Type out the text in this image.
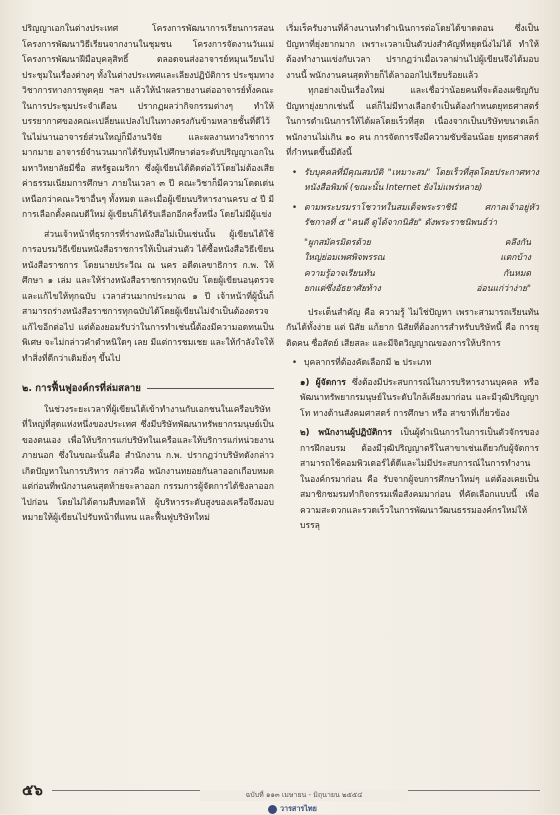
ปริญญาเอกในต่างประเทศ โครงการพัฒนาการเรียนการสอน โครงการพัฒนาวิธีเรียนจากงานในชุมชน โครงการจัดงานวันแม่ โครงการพัฒนาฝีมือบุคลุสิทธิ์ ตลอดจนส่งอาจารย์หมุนเวียนไปประชุมในเรื่องต่างๆ ทั้งในต่างประเทศและเลียงปฏิบัติการ ประชุมทางวิชาการทางการพูดคุย ฯลฯ แล้วให้นำผลรายงานต่ออาจารย์ทั้งคณะ ในการประชุมประจำเดือน ปรากฏผลว่ากิจกรรมต่างๆ ทำให้บรรยากาศของคณะเปลี่ยนแปลงไปในทางตรงกันข้ามหลายชั้นที่ดีไว้ ในไม่นานอาจารย์ส่วนใหญ่ก็มีงานวิจัย และผลงานทางวิชาการมากมาย อาจารย์จำนวนมากได้รับทุนไปศึกษาต่อระดับปริญญาเอกในมหาวิทยาลัยมีชื่อ สหรัฐอเมริกา ซึ่งผู้เขียนได้ติดต่อไว้โดยไม่ต้องเสียค่าธรรมเนียมการศึกษา ภายในเวลา ๓ ปี คณะวิชาก็มีความโดดเด่นเหนือกว่าคณะวิชาอื่นๆ ทั้งหมด และเมื่อผู้เขียนบริหารงานครบ ๔ ปี มีการเลือกตั้งคณบดีใหม่ ผู้เขียนก็ได้รับเลือกอีกครั้งหนึ่ง โดยไม่มีผู้แข่ง

ส่วนเจ้าหน้าที่ธุรการที่ร่างหนังสือไม่เป็นเช่นนั้น ผู้เขียนได้ใช้การอบรมวิธีเขียนหนังสือราชการให้เป็นส่วนตัว ได้ซื้อหนังสือวิธีเขียนหนังสือราชการ โดยนายประวีณ ณ นคร อดีตเลขาธิการ ก.พ. ให้ศึกษา ๑ เล่ม และให้ร่างหนังสือราชการทุกฉบับ โดยผู้เขียนอนุตรวจและแก้ไขให้ทุกฉบับ เวลาส่วนมากประมาณ ๑ ปี เจ้าหน้าที่ผู้นั้นก็สามารถร่างหนังสือราชการทุกฉบับได้โดยผู้เขียนไม่จำเป็นต้องตรวจแก้ไขอีกต่อไป แต่ต้องยอมรับว่าในการทำเช่นนี้ต้องมีความอดทนเป็นพิเศษ จะไม่กล่าวคำตำหนิใดๆ เลย มีแต่การชมเชย และให้กำลังใจให้ทำสิ่งที่ดีกว่าเดิมยิ่งๆ ขึ้นไป

๒. การฟื้นฟูองค์กรที่ล่มสลาย

ในช่วงระยะเวลาที่ผู้เขียนได้เข้าทำงานกับเอกชนในเครือบริษัทที่ใหญ่ที่สุดแห่งหนึ่งของประเทศ ซึ่งมีบริษัทพัฒนาทรัพยากรมนุษย์เป็นของตนเอง เพื่อให้บริการแก่บริษัทในเครือและให้บริการแก่หน่วยงานภายนอก ซึ่งในขณะนั้นคือ สำนักงาน ก.พ. ปรากฏว่าบริษัทดังกล่าวเกิดปัญหาในการบริหาร กล่าวคือ พนักงานทยอยกันลาออกเกือบหมด แต่ก่อนที่พนักงานคนสุดท้ายจะลาออก กรรมการผู้จัดการได้ชิงลาออกไปก่อน โดยไม่ได้ตามสืบทอดให้ ผู้บริหารระดับสูงของเครือจึงมอบหมายให้ผู้เขียนไปรับหน้าที่แทน และฟื้นฟูบริษัทใหม่

เริ่มเร็ครับงานที่ค้างนานทำดำเนินการต่อโดยได้ขาดตอน ซึ่งเป็นปัญหาที่ยุ่งยากมาก เพราะเวลาเป็นตัวบ่งสำคัญที่หยุดนิ่งไม่ได้ ทำให้ต้องทำงานแข่งกับเวลา ปรากฏว่าเมื่อเวลาผ่านไปผู้เขียนจึงได้มอบงานนี้ พนักงานคนสุดท้ายก็ได้ลาออกไปเรียบร้อยแล้ว

ทุกอย่างเป็นเรื่องใหม่ และเชื่อว่าน้อยคนที่จะต้องเผชิญกับปัญหายุ่งยากเช่นนี้ แต่ก็ไม่มีทางเลือกจำเป็นต้องกำหนดยุทธศาสตร์ในการดำเนินการให้ได้ผลโดยเร็วที่สุด เนื่องจากเป็นบริษัทขนาดเล็กพนักงานไม่เกิน ๑๐ คน การจัดการจึงมีความซับซ้อนน้อย ยุทธศาสตร์ที่กำหนดขึ้นมีดังนี้

• รับบุคคลที่มีคุณสมบัติ "เหมาะสม" โดยเร็วที่สุดโดยประกาศทางหนังสือพิมพ์ (ขณะนั้น Internet ยังไม่แพร่หลาย)
• ตามพระบรมราโชวาทในสมเด็จพระราชินี ศกาลเจ้าอยู่หัว รัชกาลที่ ๕ "คนดี ดูได้จากนิสัย" ดังพระราชนิพนธ์ว่า
"ผูกสมัครมิตรด้วย	คลึงกัน
ใหญ่ย่อมเพศพิจพรรณ	แตกบ้าง
ความรู้อาจเรียนทัน	กันหมด
ยกแต่ซึ่งอัธยาศัยท้าง	อ่อนแก่ว่าง่าย"

ประเด็นสำคัญ คือ ความรู้ ไม่ใช่ปัญหา เพราะสามารถเรียนทันกันได้ทั้งง่าย แต่ นิสัย แก้ยาก นิสัยที่ต้องการสำหรับบริษัทนี้ คือ การยุติตคน ซื่อสัตย์ เสียสละ และมีจิตวิญญาณของการให้บริการ

• บุคลากรที่ต้องคัดเลือกมี ๒ ประเภท

๑) ผู้จัดการ ซึ่งต้องมีประสบการณ์ในการบริหารงานบุคคล หรือพัฒนาทรัพยากรมนุษย์ในระดับใกล้เคียงมาก่อน และมีวุฒิปริญญาโท ทางด้านสังคมศาสตร์ การศึกษา หรือ สาขาที่เกี่ยวข้อง

๒) พนักงานผู้ปฏิบัติการ เป็นผู้ดำเนินการในการเป็นตัวจักรของการฝึกอบรม ต้องมีวุฒิปริญญาตรีในสาขาเช่นเดียวกับผู้จัดการ สามารถใช้คอมพิวเตอร์ได้ดีและไม่มีประสบการณ์ในการทำงานในองค์กรมาก่อน คือ รับจากผู้จบการศึกษาใหม่ๆ แต่ต้องเคยเป็นสมาชิกชมรมทำกิจกรรมเพื่อสังคมมาก่อน ที่คัดเลือกแบบนี้ เพื่อความสะดวกและรวดเร็วในการพัฒนาวัฒนธรรมองค์กรใหม่ให้บรรลุ

๕๖	ฉบับที่ ๑๑๓ เมษายน - มิถุนายน ๒๕๕๔
วารสารไทย
